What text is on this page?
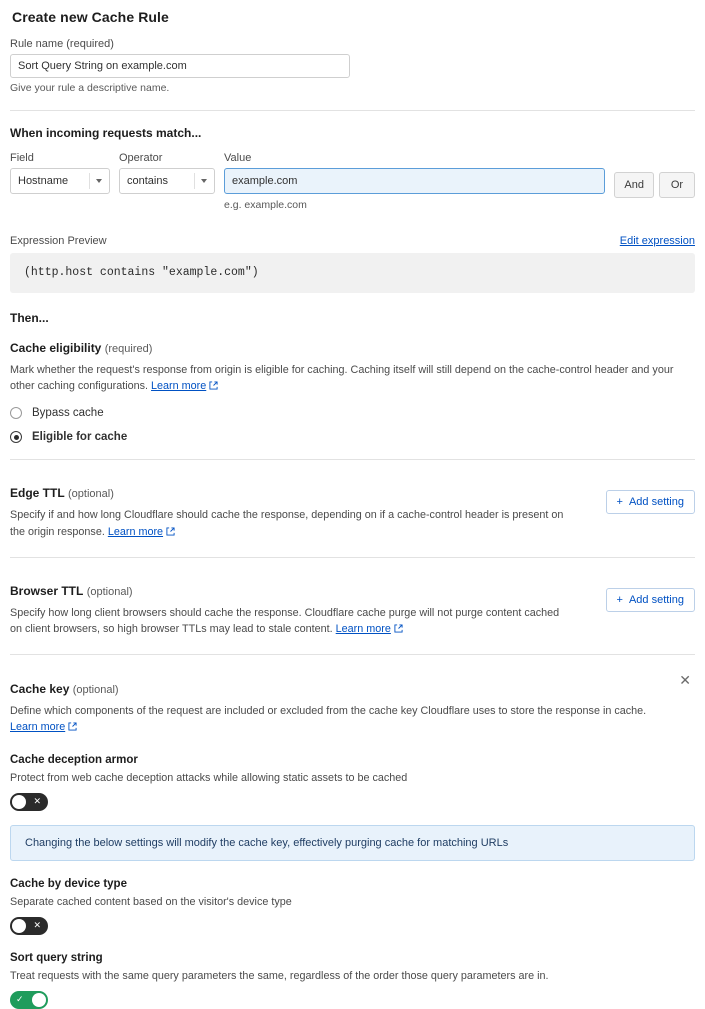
Create new Cache Rule
Rule name (required)
Sort Query String on example.com
Give your rule a descriptive name.
When incoming requests match...
Field
Hostname
Operator
contains
Value
example.com
e.g. example.com
And	Or
Expression Preview	Edit expression
(http.host contains "example.com")
Then...
Cache eligibility (required)
Mark whether the request's response from origin is eligible for caching. Caching itself will still depend on the cache-control header and your other caching configurations. Learn more
Bypass cache
Eligible for cache
Edge TTL (optional)
Specify if and how long Cloudflare should cache the response, depending on if a cache-control header is present on the origin response. Learn more
+ Add setting
Browser TTL (optional)
Specify how long client browsers should cache the response. Cloudflare cache purge will not purge content cached on client browsers, so high browser TTLs may lead to stale content. Learn more
+ Add setting
Cache key (optional)
✕
Define which components of the request are included or excluded from the cache key Cloudflare uses to store the response in cache.
Learn more
Cache deception armor
Protect from web cache deception attacks while allowing static assets to be cached
✕
Changing the below settings will modify the cache key, effectively purging cache for matching URLs
Cache by device type
Separate cached content based on the visitor's device type
✕
Sort query string
Treat requests with the same query parameters the same, regardless of the order those query parameters are in.
✓
